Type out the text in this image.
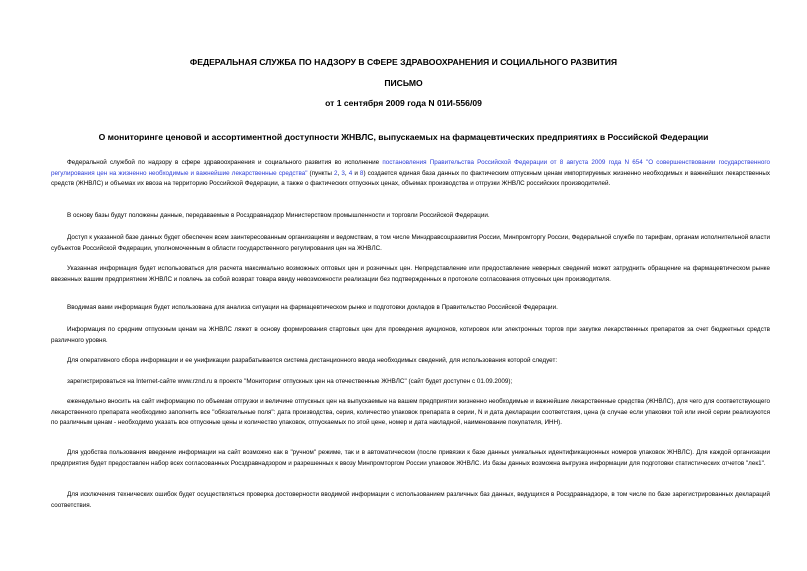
ФЕДЕРАЛЬНАЯ СЛУЖБА ПО НАДЗОРУ В СФЕРЕ ЗДРАВООХРАНЕНИЯ И СОЦИАЛЬНОГО РАЗВИТИЯ
ПИСЬМО
от 1 сентября 2009 года N 01И-556/09
О мониторинге ценовой и ассортиментной доступности ЖНВЛС, выпускаемых на фармацевтических предприятиях в Российской Федерации

Федеральной службой по надзору в сфере здравоохранения и социального развития во исполнение постановления Правительства Российской Федерации от 8 августа 2009 года N 654 "О совершенствовании государственного регулирования цен на жизненно необходимые и важнейшие лекарственные средства" (пункты 2, 3, 4 и 8) создается единая база данных по фактическим отпускным ценам импортируемых жизненно необходимых и важнейших лекарственных средств (ЖНВЛС) и объемах их ввоза на территорию Российской Федерации, а также о фактических отпускных ценах, объемах производства и отгрузки ЖНВЛС российских производителей.

В основу базы будут положены данные, передаваемые в Росздравнадзор Министерством промышленности и торговли Российской Федерации.

Доступ к указанной базе данных будет обеспечен всем заинтересованным организациям и ведомствам, в том числе Минздравсоцразвития России, Минпромторгу России, Федеральной службе по тарифам, органам исполнительной власти субъектов Российской Федерации, уполномоченным в области государственного регулирования цен на ЖНВЛС.

Указанная информация будет использоваться для расчета максимально возможных оптовых цен и розничных цен. Непредставление или предоставление неверных сведений может затруднить обращение на фармацевтическом рынке ввезенных вашим предприятием ЖНВЛС и повлечь за собой возврат товара ввиду невозможности реализации без подтвержденных в протоколе согласования отпускных цен производителя.

Вводимая вами информация будет использована для анализа ситуации на фармацевтическом рынке и подготовки докладов в Правительство Российской Федерации.

Информация по средним отпускным ценам на ЖНВЛС ляжет в основу формирования стартовых цен для проведения аукционов, котировок или электронных торгов при закупке лекарственных препаратов за счет бюджетных средств различного уровня.

Для оперативного сбора информации и ее унификации разрабатывается система дистанционного ввода необходимых сведений, для использования которой следует:

зарегистрироваться на Internet-сайте www.rznd.ru в проекте "Мониторинг отпускных цен на отечественные ЖНВЛС" (сайт будет доступен с 01.09.2009);

еженедельно вносить на сайт информацию по объемам отгрузки и величине отпускных цен на выпускаемые на вашем предприятии жизненно необходимые и важнейшие лекарственные средства (ЖНВЛС), для чего для соответствующего лекарственного препарата необходимо заполнить все "обязательные поля": дата производства, серия, количество упаковок препарата в серии, N и дата декларации соответствия, цена (в случае если упаковки той или иной серии реализуются по различным ценам - необходимо указать все отпускные цены и количество упаковок, отпускаемых по этой цене, номер и дата накладной, наименование покупателя, ИНН).

Для удобства пользования введение информации на сайт возможно как в "ручном" режиме, так и в автоматическом (после привязки к базе данных уникальных идентификационных номеров упаковок ЖНВЛС). Для каждой организации предприятия будет предоставлен набор всех согласованных Росздравнадзором и разрешенных к ввозу Минпромторгом России упаковок ЖНВЛС. Из базы данных возможна выгрузка информации для подготовки статистических отчетов "лек1".

Для исключения технических ошибок будет осуществляться проверка достоверности вводимой информации с использованием различных баз данных, ведущихся в Росздравнадзоре, в том числе по базе зарегистрированных деклараций соответствия.
